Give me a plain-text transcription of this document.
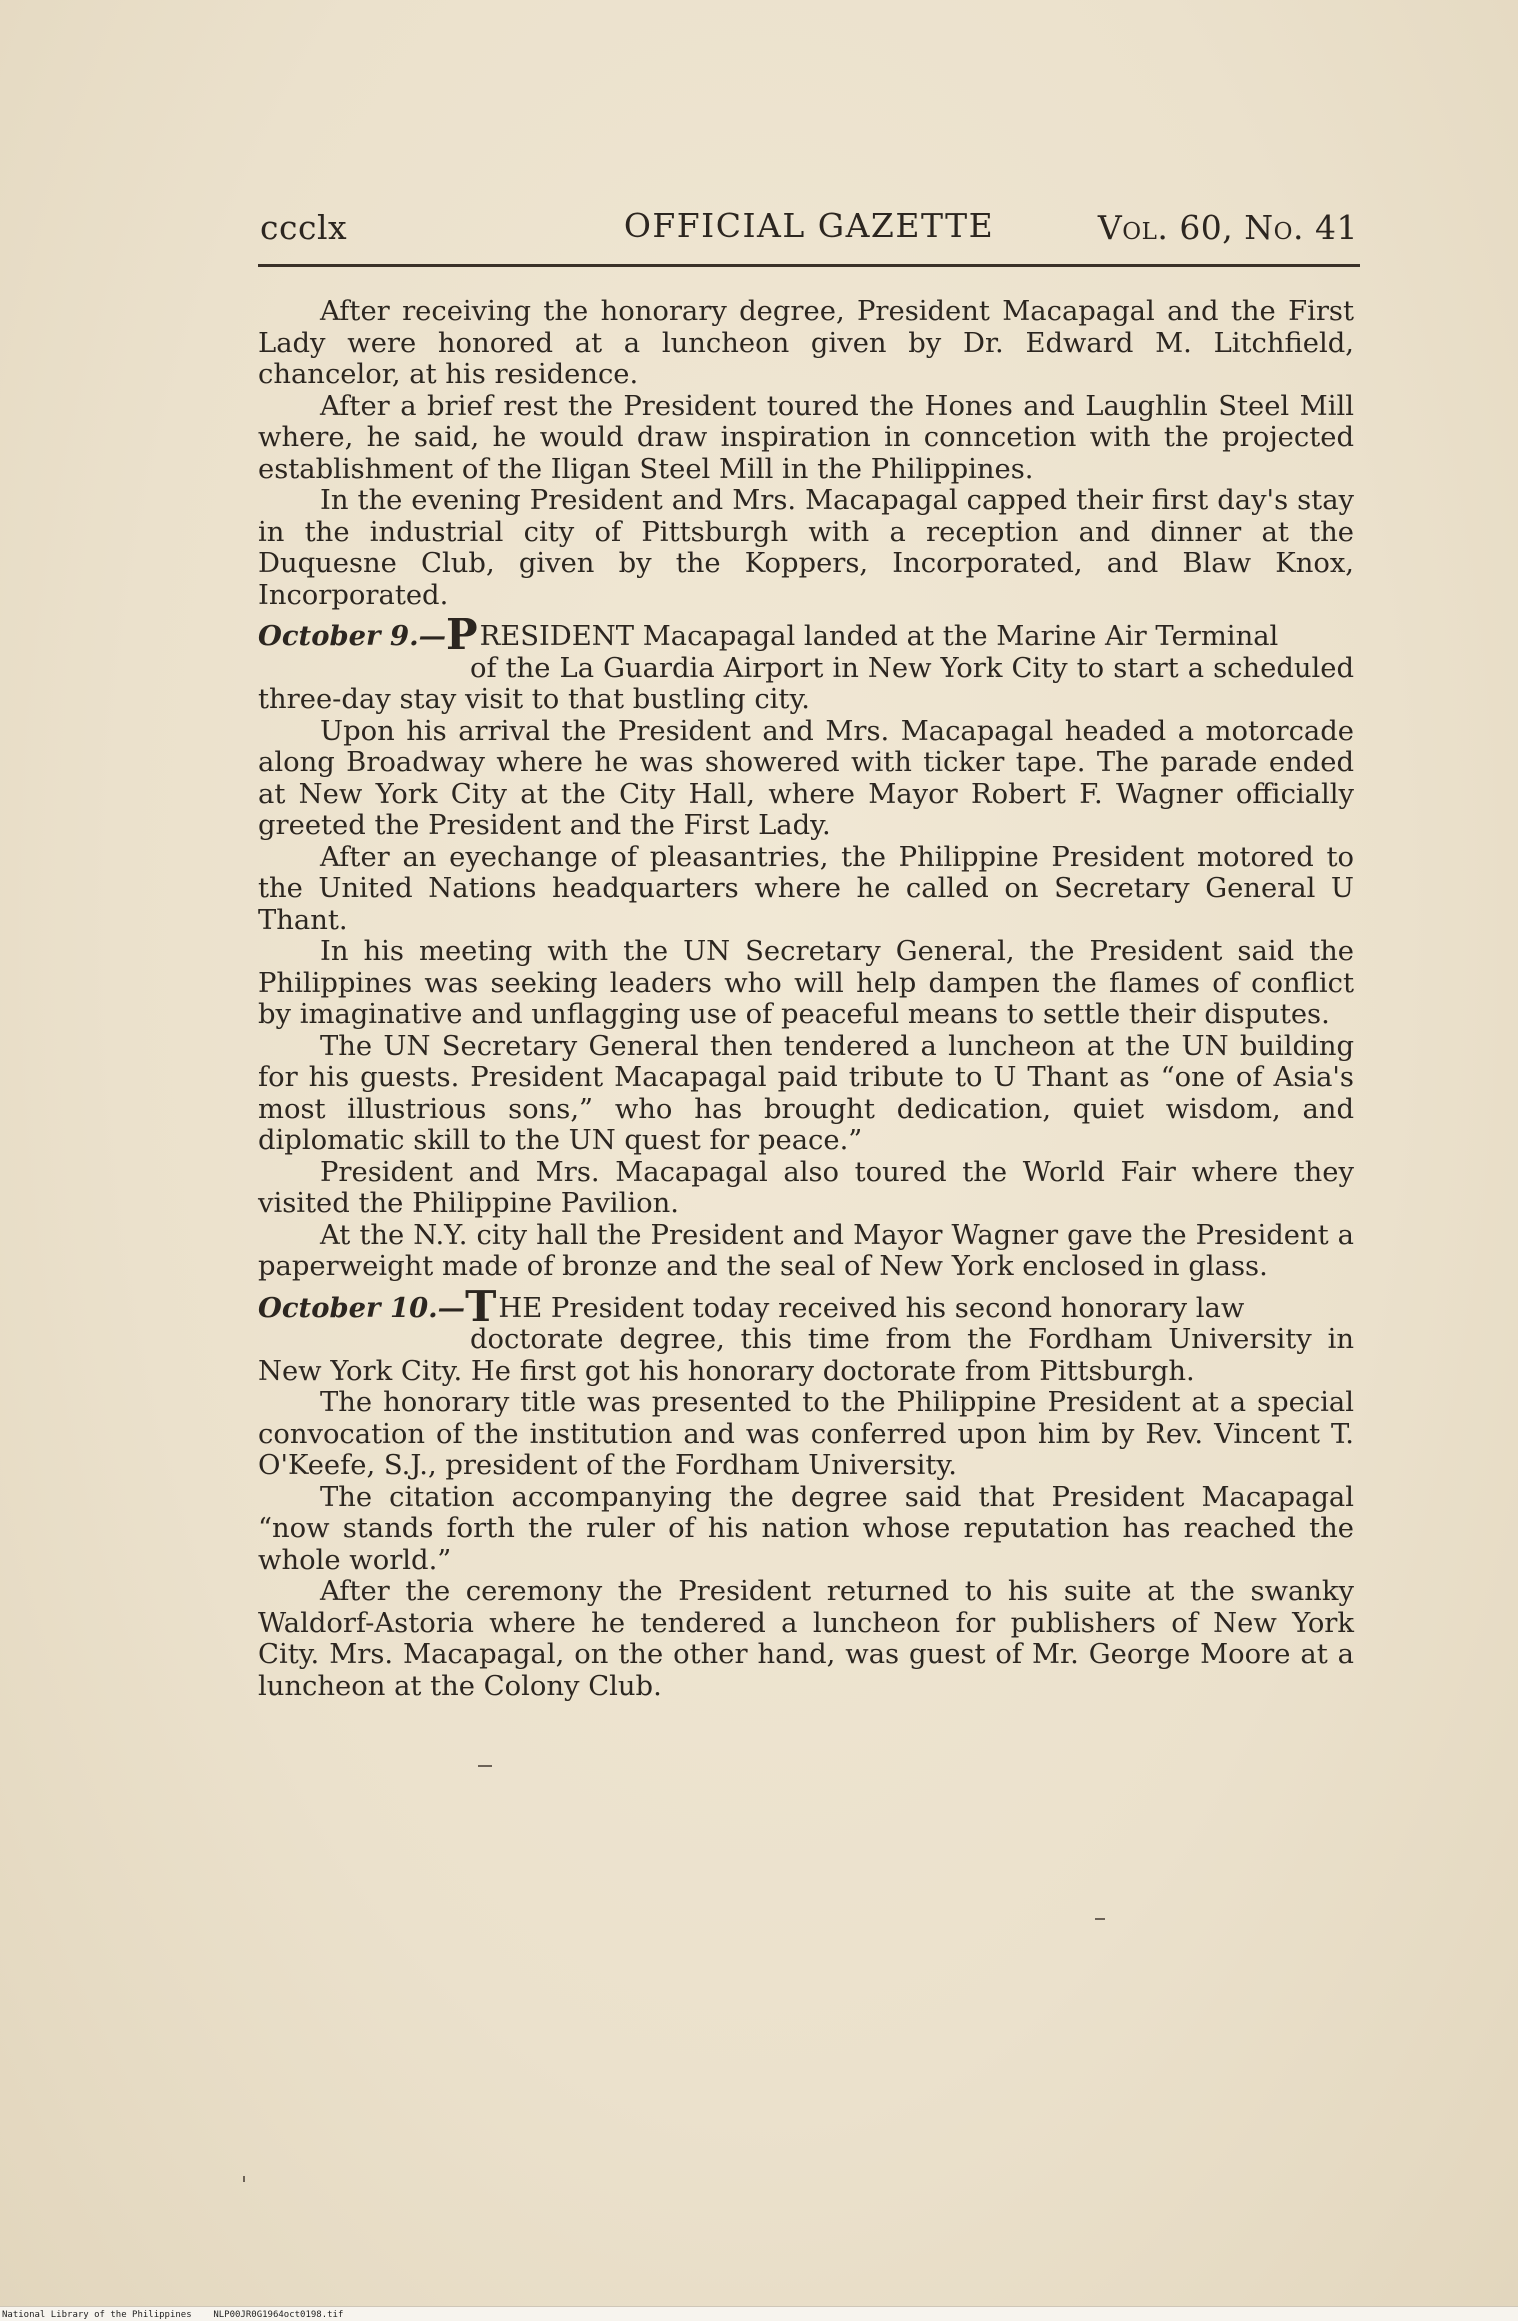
ccclx	OFFICIAL GAZETTE	Vol. 60, No. 41

After receiving the honorary degree, President Macapagal and the First Lady were honored at a luncheon given by Dr. Edward M. Litchfield, chancelor, at his residence.

After a brief rest the President toured the Hones and Laughlin Steel Mill where, he said, he would draw inspiration in conncetion with the projected establishment of the Iligan Steel Mill in the Philippines.

In the evening President and Mrs. Macapagal capped their first day's stay in the industrial city of Pittsburgh with a reception and dinner at the Duquesne Club, given by the Koppers, Incorporated, and Blaw Knox, Incorporated.

October 9.—PRESIDENT Macapagal landed at the Marine Air Terminal
of the La Guardia Airport in New York City to start a scheduled three-day stay visit to that bustling city.

Upon his arrival the President and Mrs. Macapagal headed a motorcade along Broadway where he was showered with ticker tape. The parade ended at New York City at the City Hall, where Mayor Robert F. Wagner officially greeted the President and the First Lady.

After an eyechange of pleasantries, the Philippine President motored to the United Nations headquarters where he called on Secretary General U Thant.

In his meeting with the UN Secretary General, the President said the Philippines was seeking leaders who will help dampen the flames of conflict by imaginative and unflagging use of peaceful means to settle their disputes.

The UN Secretary General then tendered a luncheon at the UN building for his guests. President Macapagal paid tribute to U Thant as “one of Asia's most illustrious sons,” who has brought dedication, quiet wisdom, and diplomatic skill to the UN quest for peace.”

President and Mrs. Macapagal also toured the World Fair where they visited the Philippine Pavilion.

At the N.Y. city hall the President and Mayor Wagner gave the President a paperweight made of bronze and the seal of New York enclosed in glass.

October 10.—THE President today received his second honorary law
doctorate degree, this time from the Fordham University in New York City. He first got his honorary doctorate from Pittsburgh.

The honorary title was presented to the Philippine President at a special convocation of the institution and was conferred upon him by Rev. Vincent T. O'Keefe, S.J., president of the Fordham University.

The citation accompanying the degree said that President Macapagal “now stands forth the ruler of his nation whose reputation has reached the whole world.”

After the ceremony the President returned to his suite at the swanky Waldorf-Astoria where he tendered a luncheon for publishers of New York City. Mrs. Macapagal, on the other hand, was guest of Mr. George Moore at a luncheon at the Colony Club.

National Library of the Philippines NLP00JR0G1964oct0198.tif
